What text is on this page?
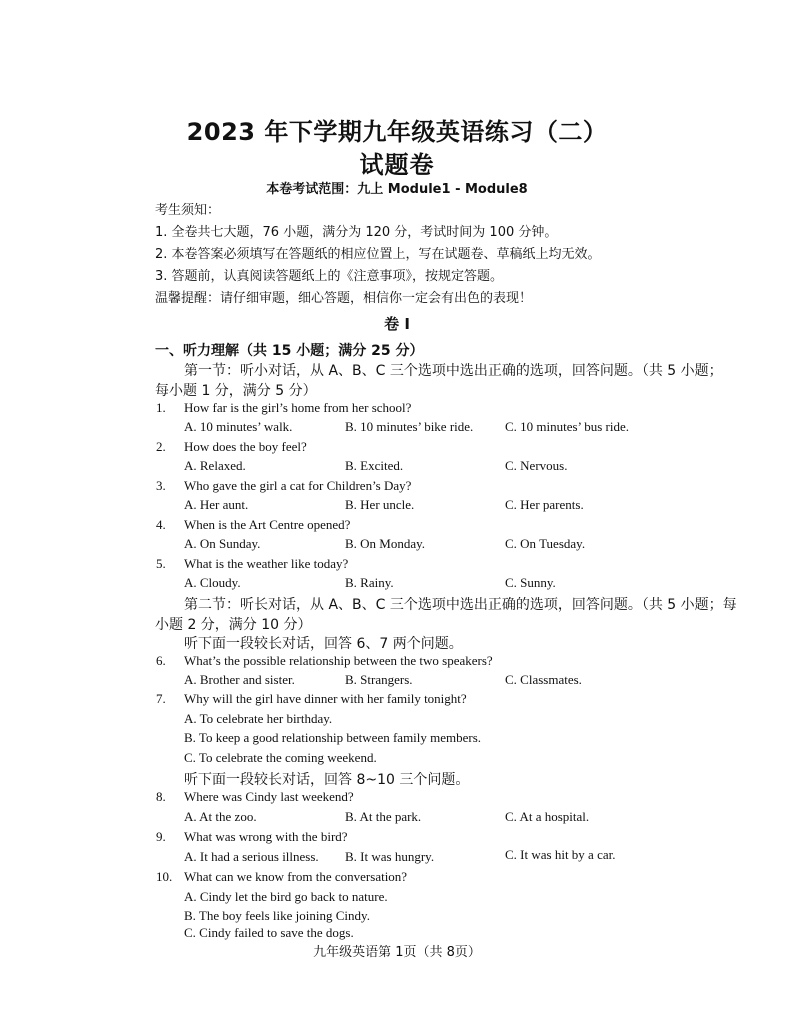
2023 年下学期九年级英语练习（二）
试题卷
本卷考试范围：九上 Module1 - Module8
考生须知：
1. 全卷共七大题，76 小题，满分为 120 分，考试时间为 100 分钟。
2. 本卷答案必须填写在答题纸的相应位置上，写在试题卷、草稿纸上均无效。
3. 答题前，认真阅读答题纸上的《注意事项》，按规定答题。
温馨提醒：请仔细审题，细心答题，相信你一定会有出色的表现！
卷 I
一、听力理解（共 15 小题；满分 25 分）
第一节：听小对话，从 A、B、C 三个选项中选出正确的选项，回答问题。（共 5 小题；
每小题 1 分，满分 5 分）
1. How far is the girl’s home from her school?
A. 10 minutes’ walk.	B. 10 minutes’ bike ride. C. 10 minutes’ bus ride.
2. How does the boy feel?
A. Relaxed.	B. Excited.	C. Nervous.
3. Who gave the girl a cat for Children’s Day?
A. Her aunt.	B. Her uncle.	C. Her parents.
4. When is the Art Centre opened?
A. On Sunday.	B. On Monday.	C. On Tuesday.
5. What is the weather like today?
A. Cloudy.	B. Rainy.	C. Sunny.
第二节：听长对话，从 A、B、C 三个选项中选出正确的选项，回答问题。（共 5 小题；每
小题 2 分，满分 10 分）
听下面一段较长对话，回答 6、7 两个问题。
6. What’s the possible relationship between the two speakers?
A. Brother and sister.	B. Strangers.	C. Classmates.
7. Why will the girl have dinner with her family tonight?
A. To celebrate her birthday.
B. To keep a good relationship between family members.
C. To celebrate the coming weekend.
听下面一段较长对话，回答 8~10 三个问题。
8. Where was Cindy last weekend?
A. At the zoo.	B. At the park.	C. At a hospital.
9. What was wrong with the bird?
A. It had a serious illness. B. It was hungry.	C. It was hit by a car.
10. What can we know from the conversation?
A. Cindy let the bird go back to nature.
B. The boy feels like joining Cindy.
C. Cindy failed to save the dogs.
九年级英语第 1页（共 8页）
